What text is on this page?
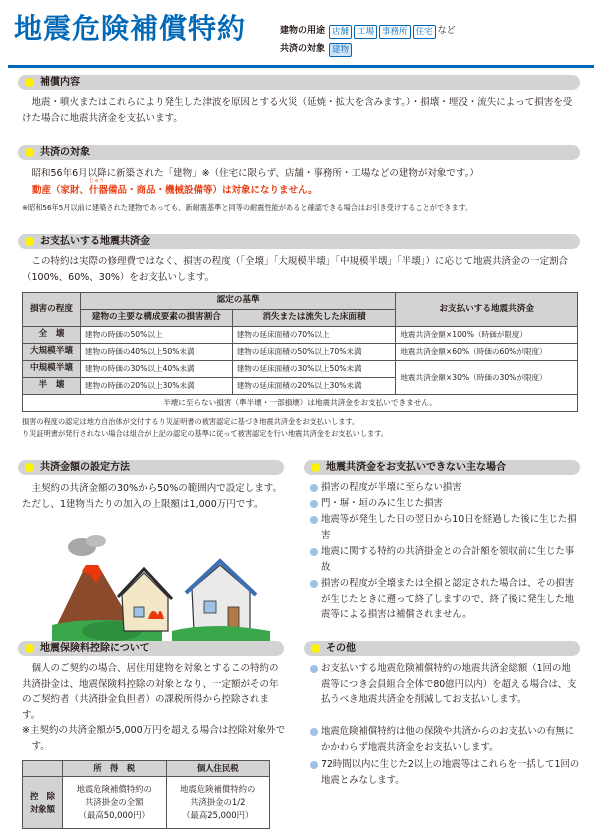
地震危険補償特約	建物の用途 店舗 工場 事務所 住宅 など
共済の対象 建物
補償内容
地震・噴火またはこれらにより発生した津波を原因とする火災（延焼・拡大を含みます。）・損壊・埋没・流失によって損害を受けた場合に地震共済金を支払います。
共済の対象
昭和56年6月以降に新築された「建物」※（住宅に限らず、店舗・事務所・工場などの建物が対象です。）
じゅう
動産（家財、什器備品・商品・機械設備等）は対象になりません。
※昭和56年5月以前に建築された建物であっても、新耐震基準と同等の耐震性能があると確認できる場合はお引き受けすることができます。
お支払いする地震共済金
この特約は実際の修理費ではなく、損害の程度（「全壊」「大規模半壊」「中規模半壊」「半壊」）に応じて地震共済金の一定割合（100%、60%、30%）をお支払いします。
損害の程度	認定の基準		お支払いする地震共済金
	建物の主要な構成要素の損害割合	消失または流失した床面積	
全　壊	建物の時価の50%以上	建物の延床面積の70%以上	地震共済金額×100%（時価が限度）
大規模半壊	建物の時価の40%以上50%未満	建物の延床面積の50%以上70%未満	地震共済金額×60%（時価の60%が限度）
中規模半壊	建物の時価の30%以上40%未満	建物の延床面積の30%以上50%未満	地震共済金額×30%（時価の30%が限度）
半　壊	建物の時価の20%以上30%未満	建物の延床面積の20%以上30%未満	
半壊に至らない損害（準半壊・一部損壊）は地震共済金をお支払いできません。			
損害の程度の認定は地方自治体が交付するり災証明書の被害認定に基づき地震共済金をお支払いします。
り災証明書が発行されない場合は組合が上記の認定の基準に従って被害認定を行い地震共済金をお支払いします。
共済金額の設定方法
主契約の共済金額の30%から50%の範囲内で設定します。ただし、1建物当たりの加入の上限額は1,000万円です。
地震保険料控除について
個人のご契約の場合、居住用建物を対象とするこの特約の共済掛金は、地震保険料控除の対象となり、一定額がその年のご契約者（共済掛金負担者）の課税所得から控除されます。
※主契約の共済金額が5,000万円を超える場合は控除対象外です。
	所　得　税	個人住民税
控　除
対象額	地震危険補償特約の
共済掛金の全額
（最高50,000円）	地震危険補償特約の
共済掛金の1/2
（最高25,000円）
地震共済金をお支払いできない主な場合
損害の程度が半壊に至らない損害
門・塀・垣のみに生じた損害
地震等が発生した日の翌日から10日を経過した後に生じた損害
地震に関する特約の共済掛金との合計額を領収前に生じた事故
損害の程度が全壊または全損と認定された場合は、その損害が生じたときに遡って終了しますので、終了後に発生した地震等による損害は補償されません。
その他
お支払いする地震危険補償特約の地震共済金総額（1回の地震等につき会員組合全体で80億円以内）を超える場合は、支払うべき地震共済金を削減してお支払いします。
地震危険補償特約は他の保険や共済からのお支払いの有無にかかわらず地震共済金をお支払いします。
72時間以内に生じた2以上の地震等はこれらを一括して1回の地震とみなします。
